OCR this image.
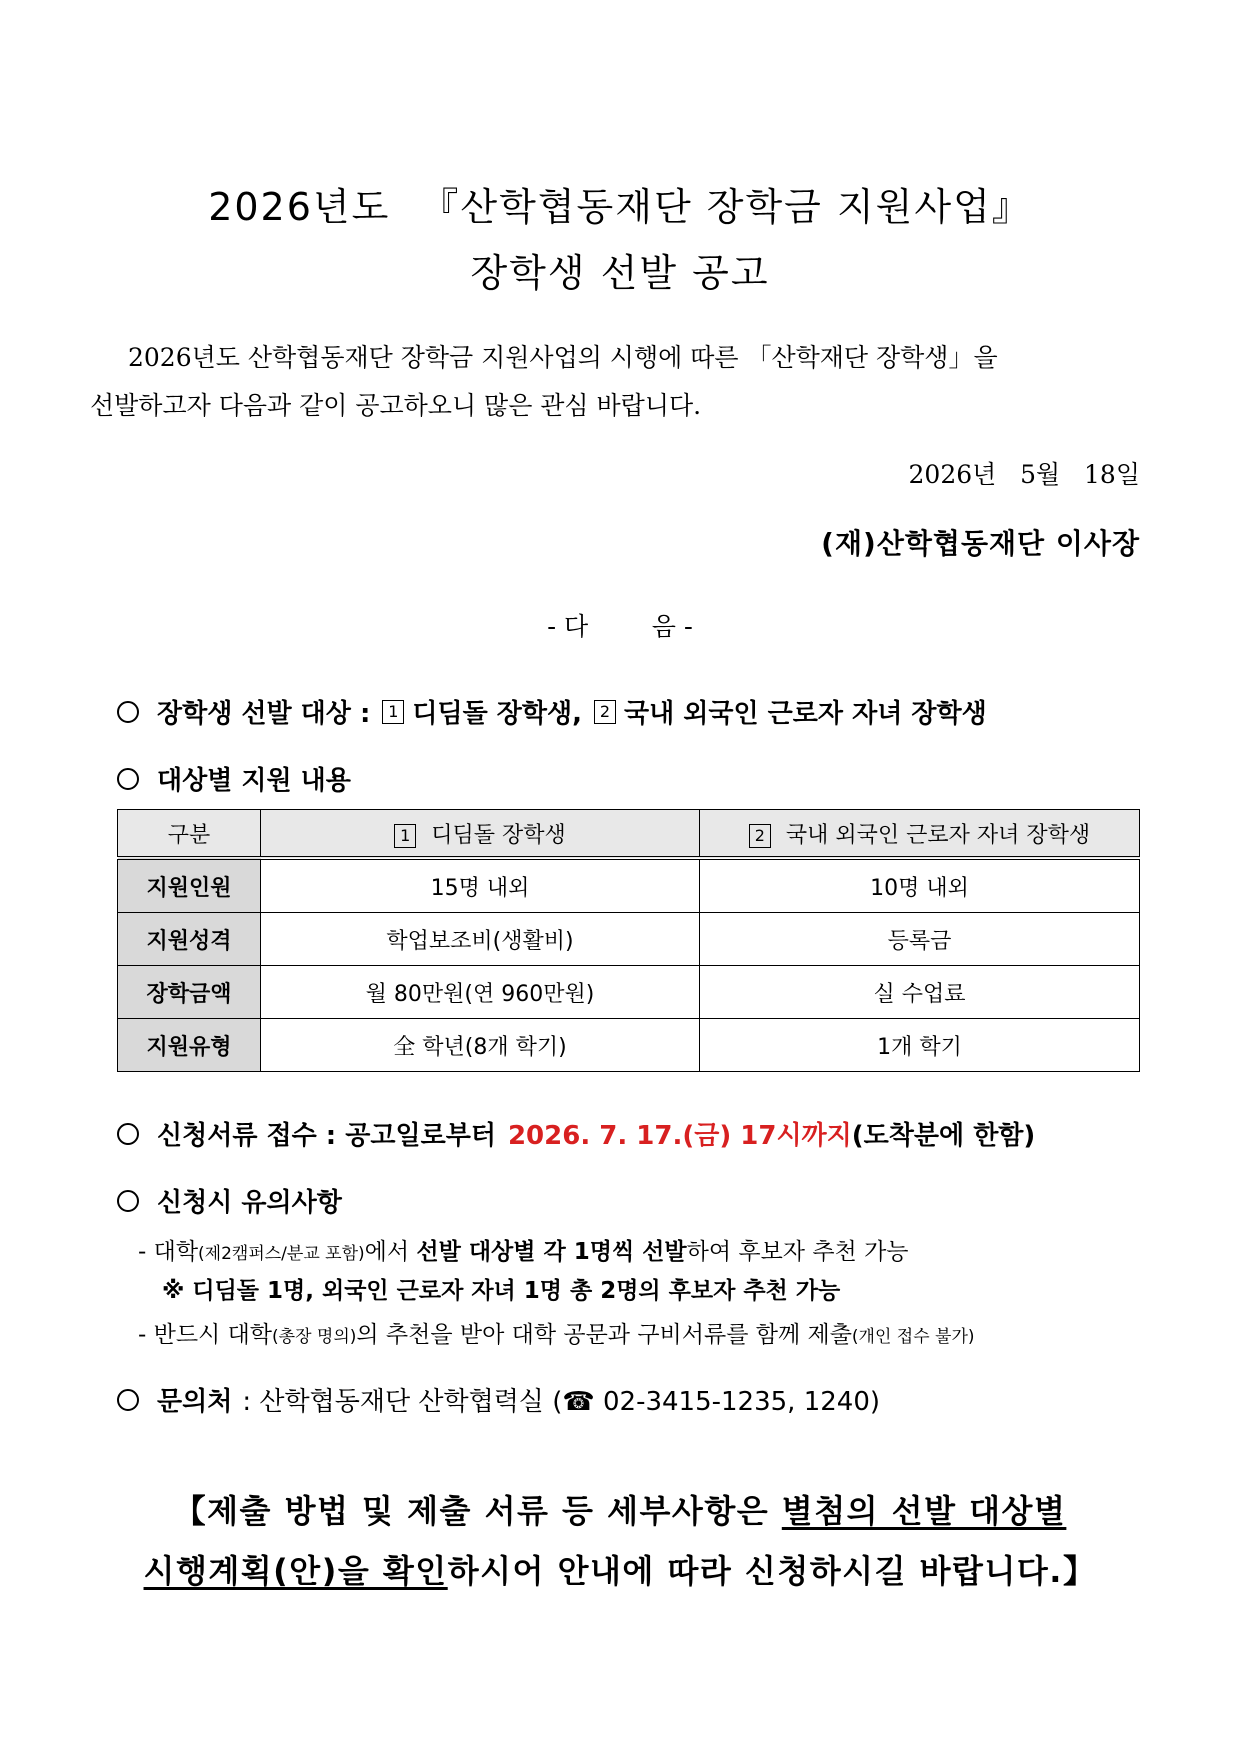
2026년도 『산학협동재단 장학금 지원사업』
장학생 선발 공고
2026년도 산학협동재단 장학금 지원사업의 시행에 따른 「산학재단 장학생」을
선발하고자 다음과 같이 공고하오니 많은 관심 바랍니다.
2026년   5월   18일
(재)산학협동재단 이사장
- 다        음 -
장학생 선발 대상 :	1 디딤돌 장학생,	2 국내 외국인 근로자 자녀 장학생
대상별 지원 내용
구분	1 디딤돌 장학생	2 국내 외국인 근로자 자녀 장학생
지원인원	15명 내외	10명 내외
지원성격	학업보조비(생활비)	등록금
장학금액	월 80만원(연 960만원)	실 수업료
지원유형	全 학년(8개 학기)	1개 학기
신청서류 접수 : 공고일로부터 2026. 7. 17.(금) 17시까지 (도착분에 한함)
신청시 유의사항
- 대학(제2캠퍼스/분교 포함)에서 선발 대상별 각 1명씩 선발하여 후보자 추천 가능
※ 디딤돌 1명, 외국인 근로자 자녀 1명 총 2명의 후보자 추천 가능
- 반드시 대학(총장 명의)의 추천을 받아 대학 공문과 구비서류를 함께 제출(개인 접수 불가)
문의처 : 산학협동재단 산학협력실 (☎ 02-3415-1235, 1240)
【제출 방법 및 제출 서류 등 세부사항은 별첨의 선발 대상별
시행계획(안)을 확인하시어 안내에 따라 신청하시길 바랍니다.】
